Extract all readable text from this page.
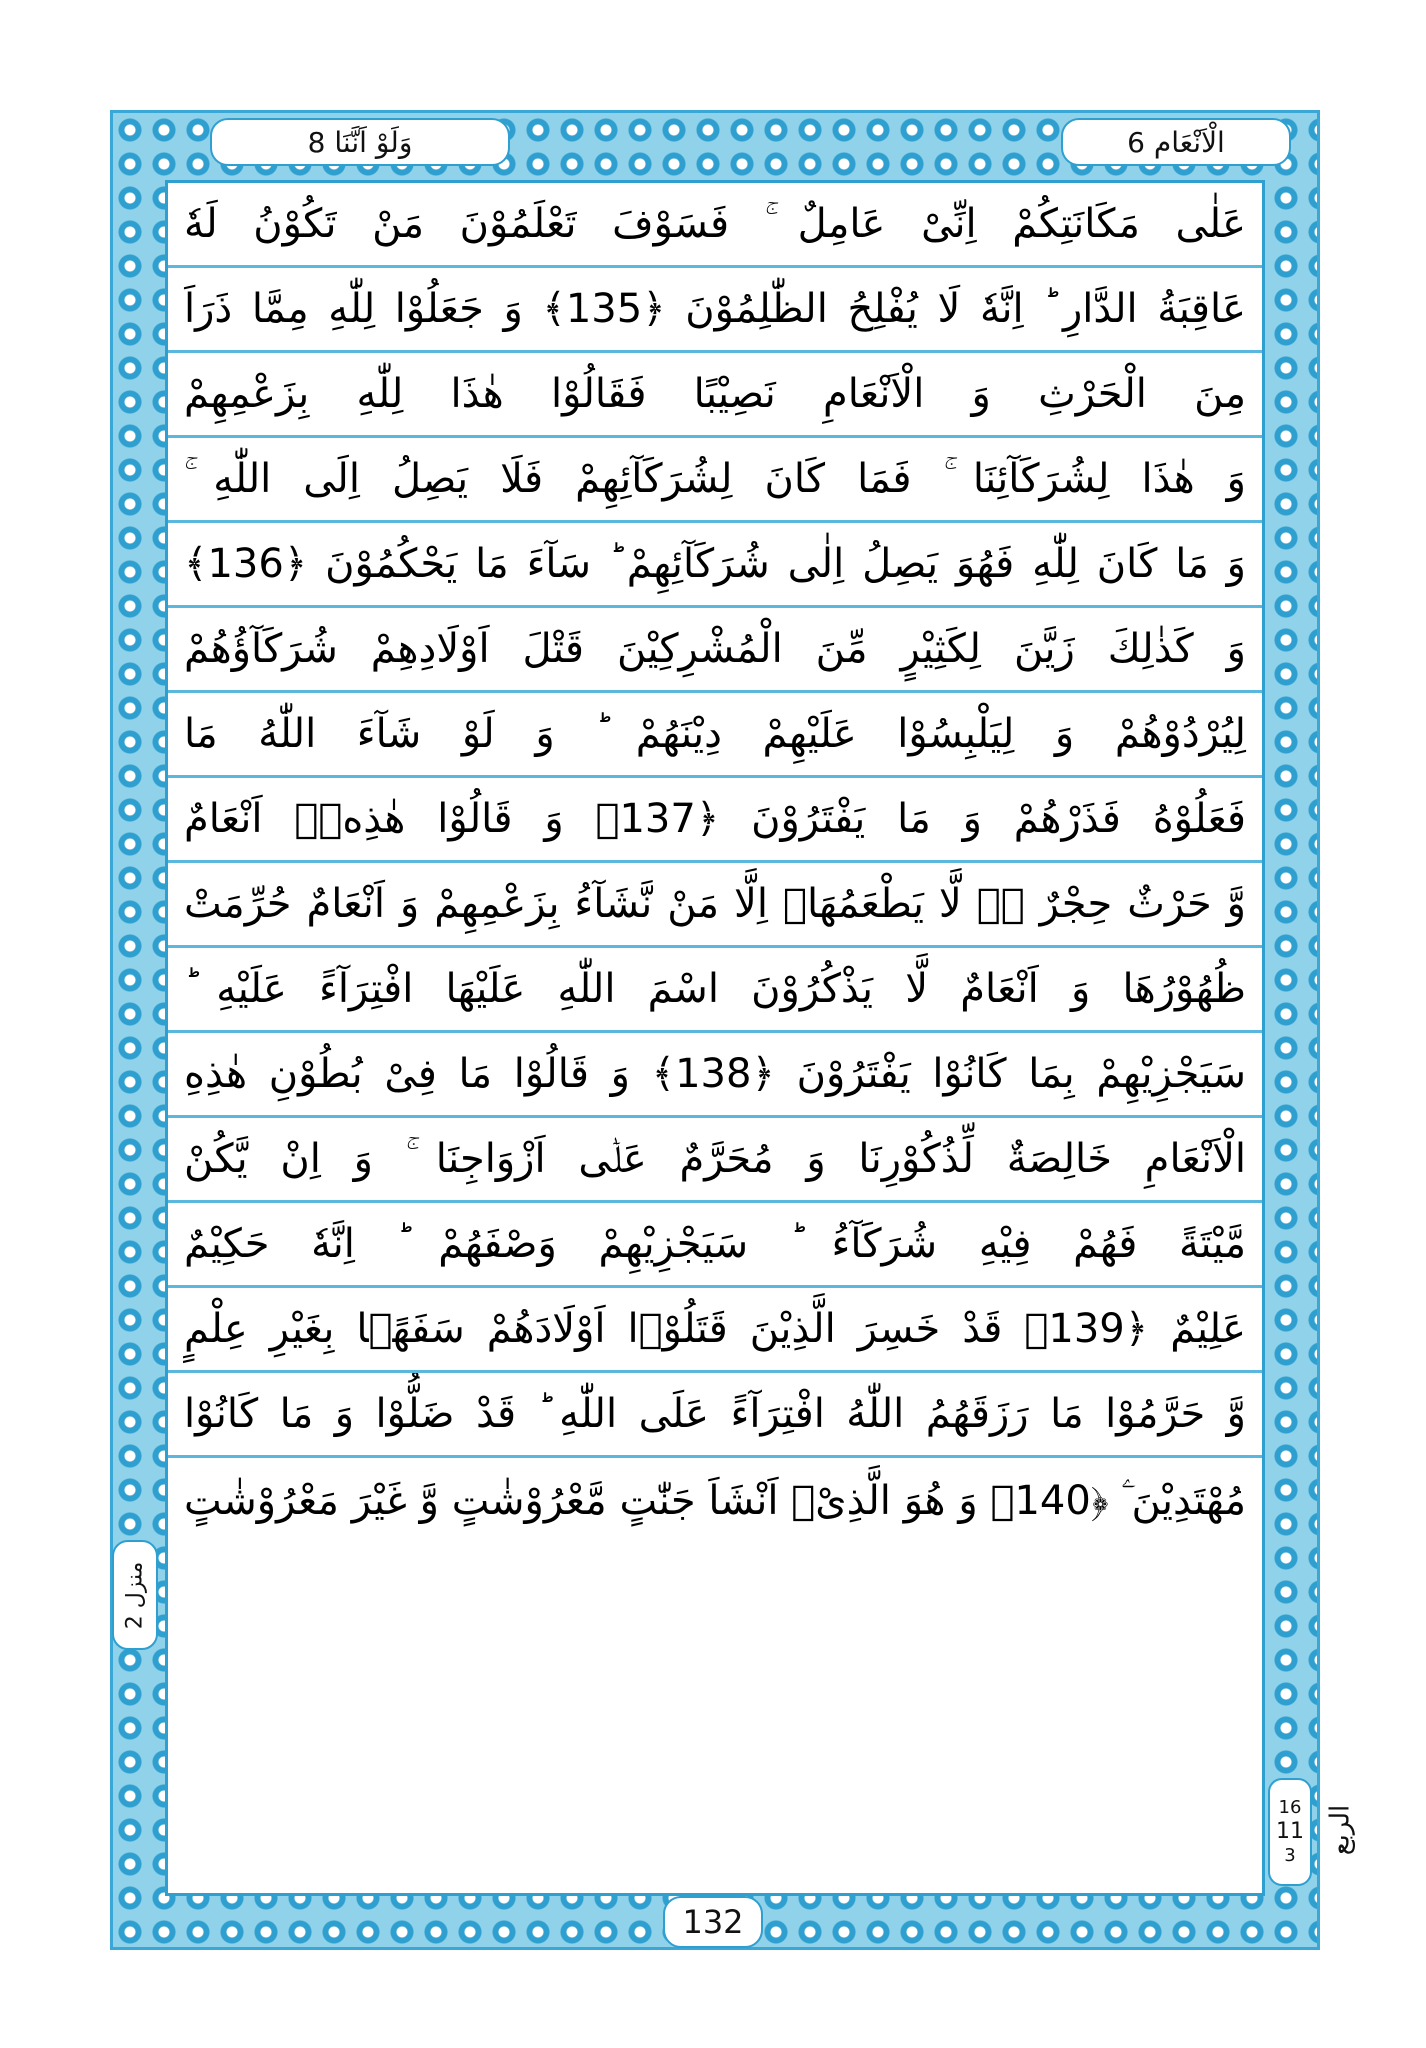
الْاَنْعَام 6
وَلَوْ اَنَّنَا 8
عَلٰى مَكَانَتِكُمْ اِنِّیْ عَامِلٌ ۚ فَسَوْفَ تَعْلَمُوْنَ مَنْ تَكُوْنُ لَهٗ
عَاقِبَةُ الدَّارِ ؕ اِنَّهٗ لَا یُفْلِحُ الظّٰلِمُوْنَ ﴿135﴾ وَ جَعَلُوْا لِلّٰهِ مِمَّا ذَرَاَ
مِنَ الْحَرْثِ وَ الْاَنْعَامِ نَصِیْبًا فَقَالُوْا هٰذَا لِلّٰهِ بِزَعْمِهِمْ
وَ هٰذَا لِشُرَكَآئِنَا ۚ فَمَا كَانَ لِشُرَكَآئِهِمْ فَلَا یَصِلُ اِلَى اللّٰهِ ۚ
وَ مَا كَانَ لِلّٰهِ فَهُوَ یَصِلُ اِلٰى شُرَكَآئِهِمْ ؕ سَآءَ مَا یَحْكُمُوْنَ ﴿136﴾
وَ كَذٰلِكَ زَیَّنَ لِكَثِیْرٍ مِّنَ الْمُشْرِكِیْنَ قَتْلَ اَوْلَادِهِمْ شُرَكَآؤُهُمْ
لِیُرْدُوْهُمْ وَ لِیَلْبِسُوْا عَلَیْهِمْ دِیْنَهُمْ ؕ وَ لَوْ شَآءَ اللّٰهُ مَا
فَعَلُوْهُ فَذَرْهُمْ وَ مَا یَفْتَرُوْنَ ﴿137﴾ وَ قَالُوْا هٰذِهٖۤ اَنْعَامٌ
وَّ حَرْثٌ حِجْرٌ ۖۗ لَّا یَطْعَمُهَاۤ اِلَّا مَنْ نَّشَآءُ بِزَعْمِهِمْ وَ اَنْعَامٌ حُرِّمَتْ
ظُهُوْرُهَا وَ اَنْعَامٌ لَّا یَذْكُرُوْنَ اسْمَ اللّٰهِ عَلَیْهَا افْتِرَآءً عَلَیْهِ ؕ
سَیَجْزِیْهِمْ بِمَا كَانُوْا یَفْتَرُوْنَ ﴿138﴾ وَ قَالُوْا مَا فِیْ بُطُوْنِ هٰذِهِ
الْاَنْعَامِ خَالِصَةٌ لِّذُكُوْرِنَا وَ مُحَرَّمٌ عَلٰۤى اَزْوَاجِنَا ۚ وَ اِنْ یَّكُنْ
مَّیْتَةً فَهُمْ فِیْهِ شُرَكَآءُ ؕ سَیَجْزِیْهِمْ وَصْفَهُمْ ؕ اِنَّهٗ حَكِیْمٌ
عَلِیْمٌ ﴿139﴾ قَدْ خَسِرَ الَّذِیْنَ قَتَلُوْۤا اَوْلَادَهُمْ سَفَهًۢا بِغَیْرِ عِلْمٍ
وَّ حَرَّمُوْا مَا رَزَقَهُمُ اللّٰهُ افْتِرَآءً عَلَى اللّٰهِ ؕ قَدْ ضَلُّوْا وَ مَا كَانُوْا
مُهْتَدِیْنَ ۧ ﴿140﴾ وَ هُوَ الَّذِیْۤ اَنْشَاَ جَنّٰتٍ مَّعْرُوْشٰتٍ وَّ غَیْرَ مَعْرُوْشٰتٍ
منزل 2
16
11
3
الربع
132
